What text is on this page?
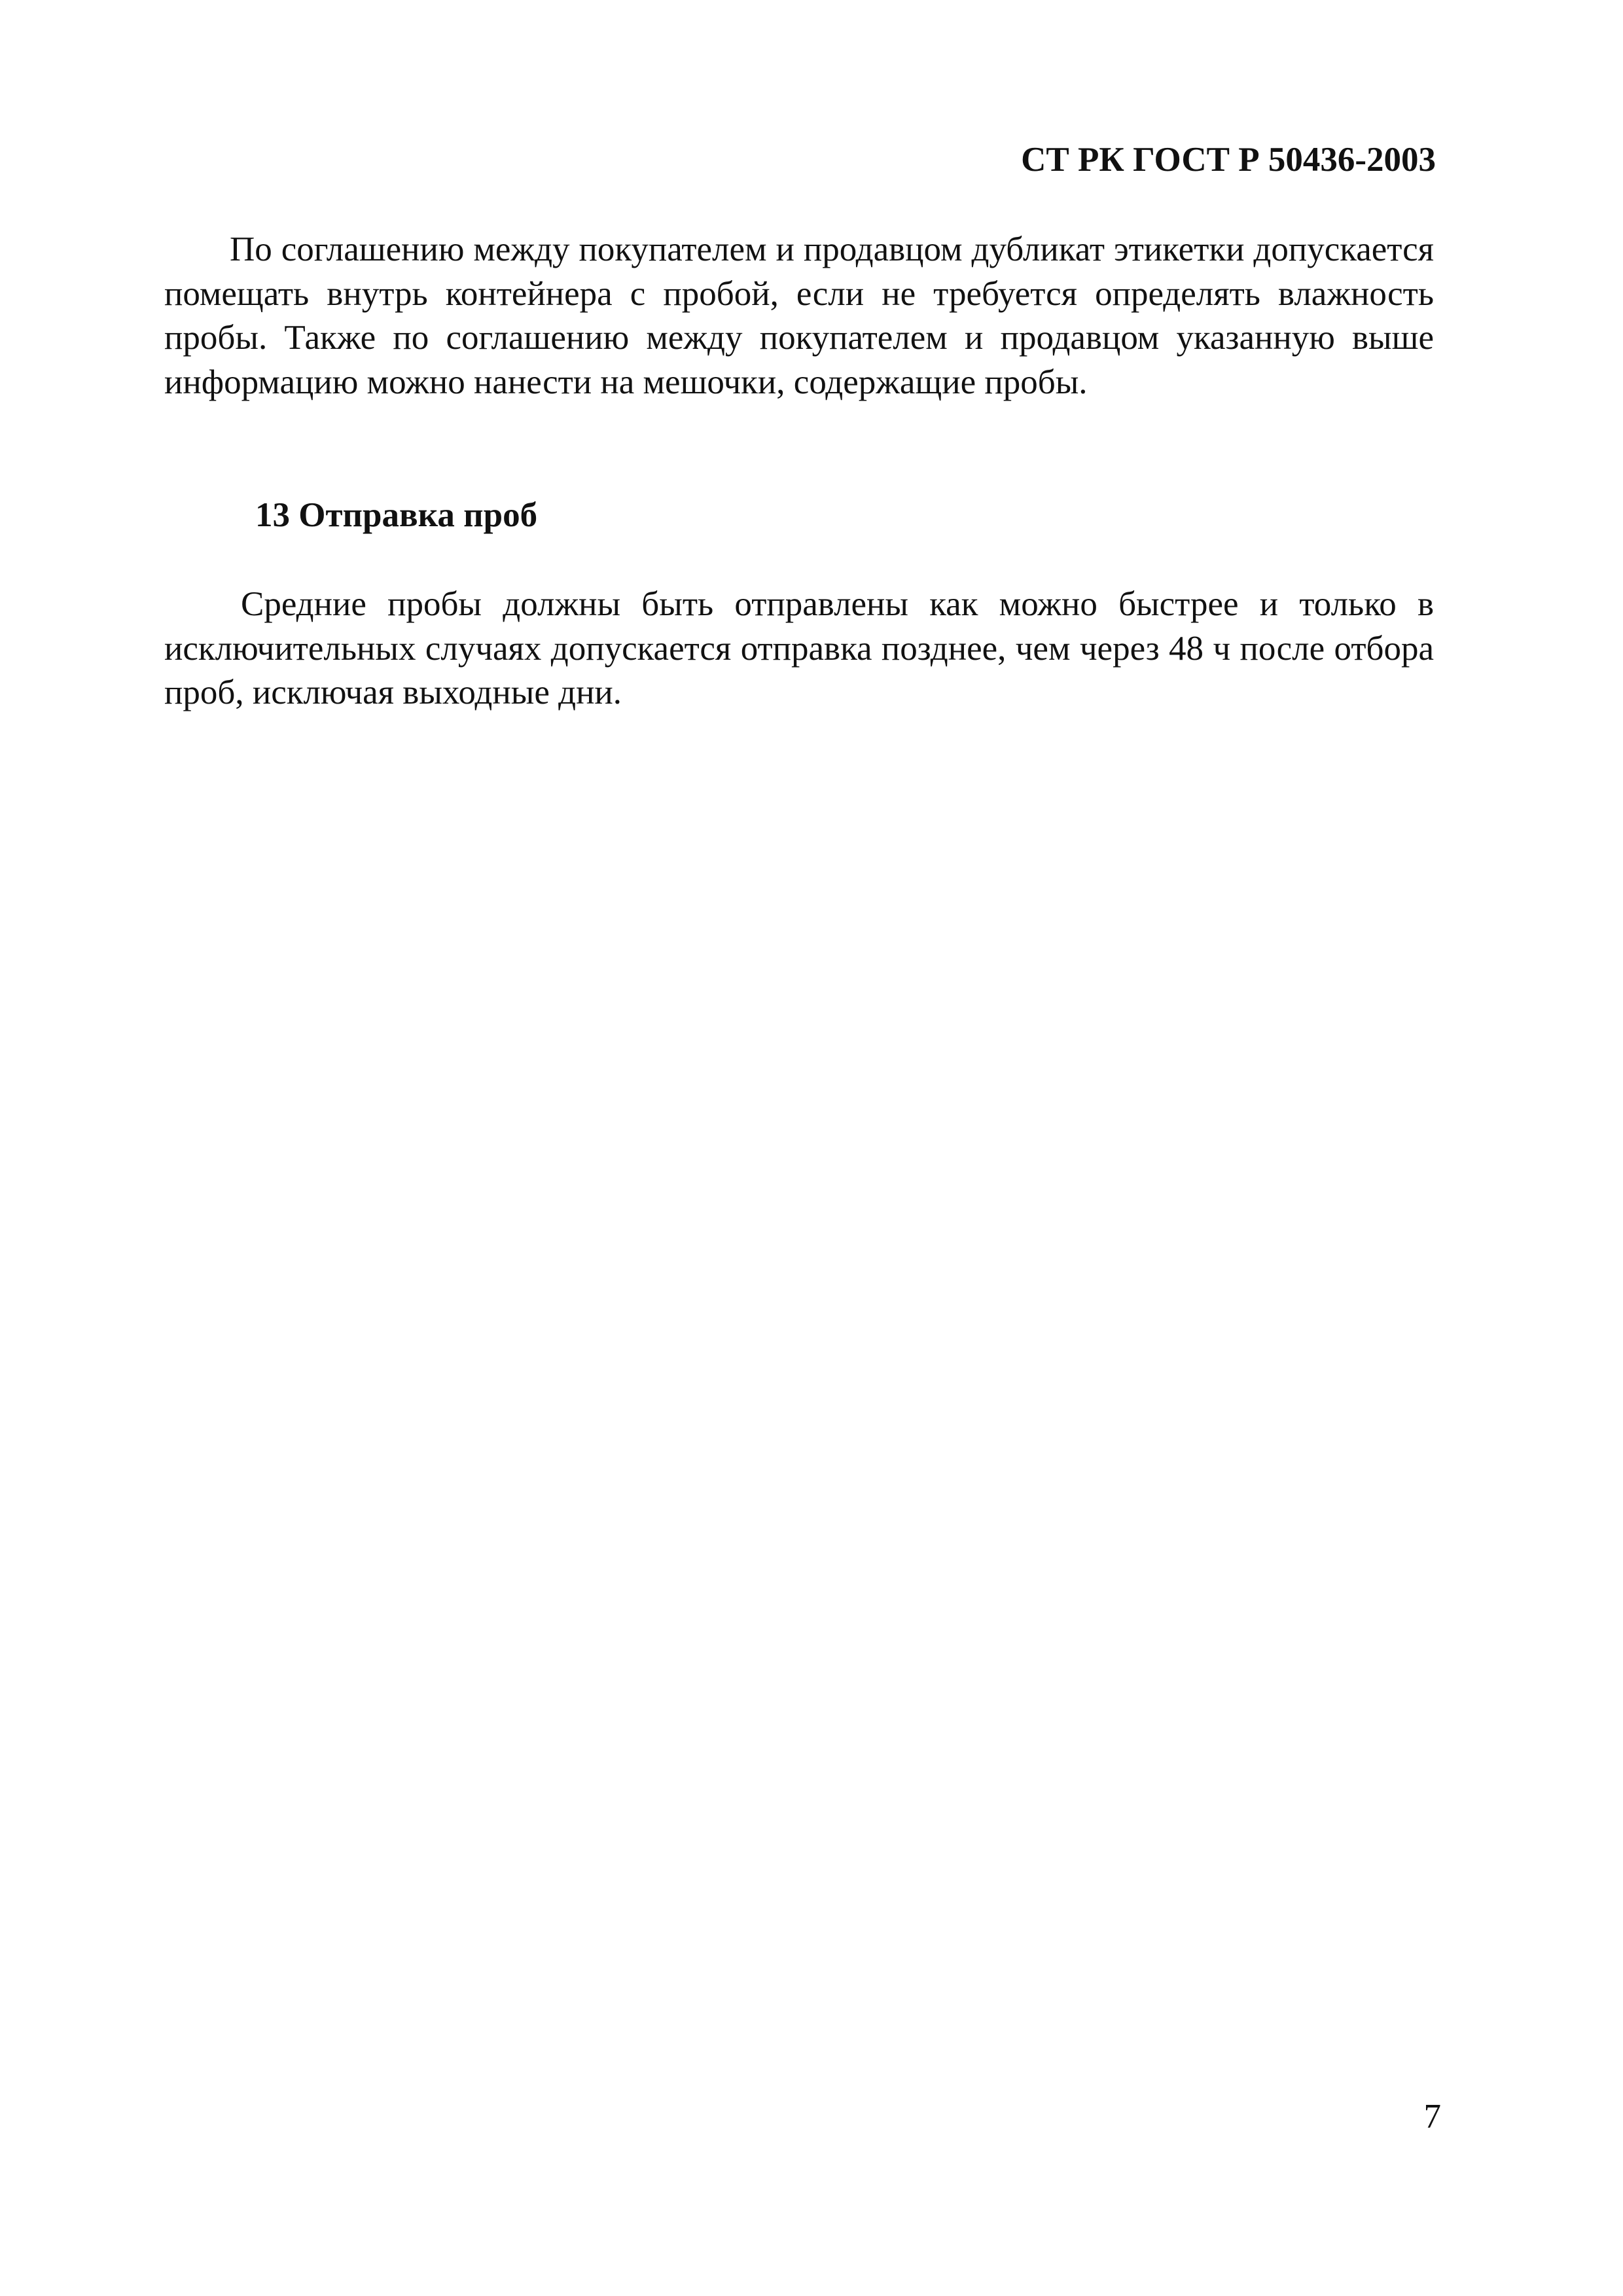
СТ РК ГОСТ Р 50436-2003

По соглашению между покупателем и продавцом дубликат этикетки допускается помещать внутрь контейнера с пробой, если не требуется определять влажность пробы. Также по соглашению между покупателем и продавцом указанную выше информацию можно нанести на мешочки, содержащие пробы.

13 Отправка проб

Средние пробы должны быть отправлены как можно быстрее и только в исключительных случаях допускается отправка позднее, чем через 48 ч после отбора проб, исключая выходные дни.

7
